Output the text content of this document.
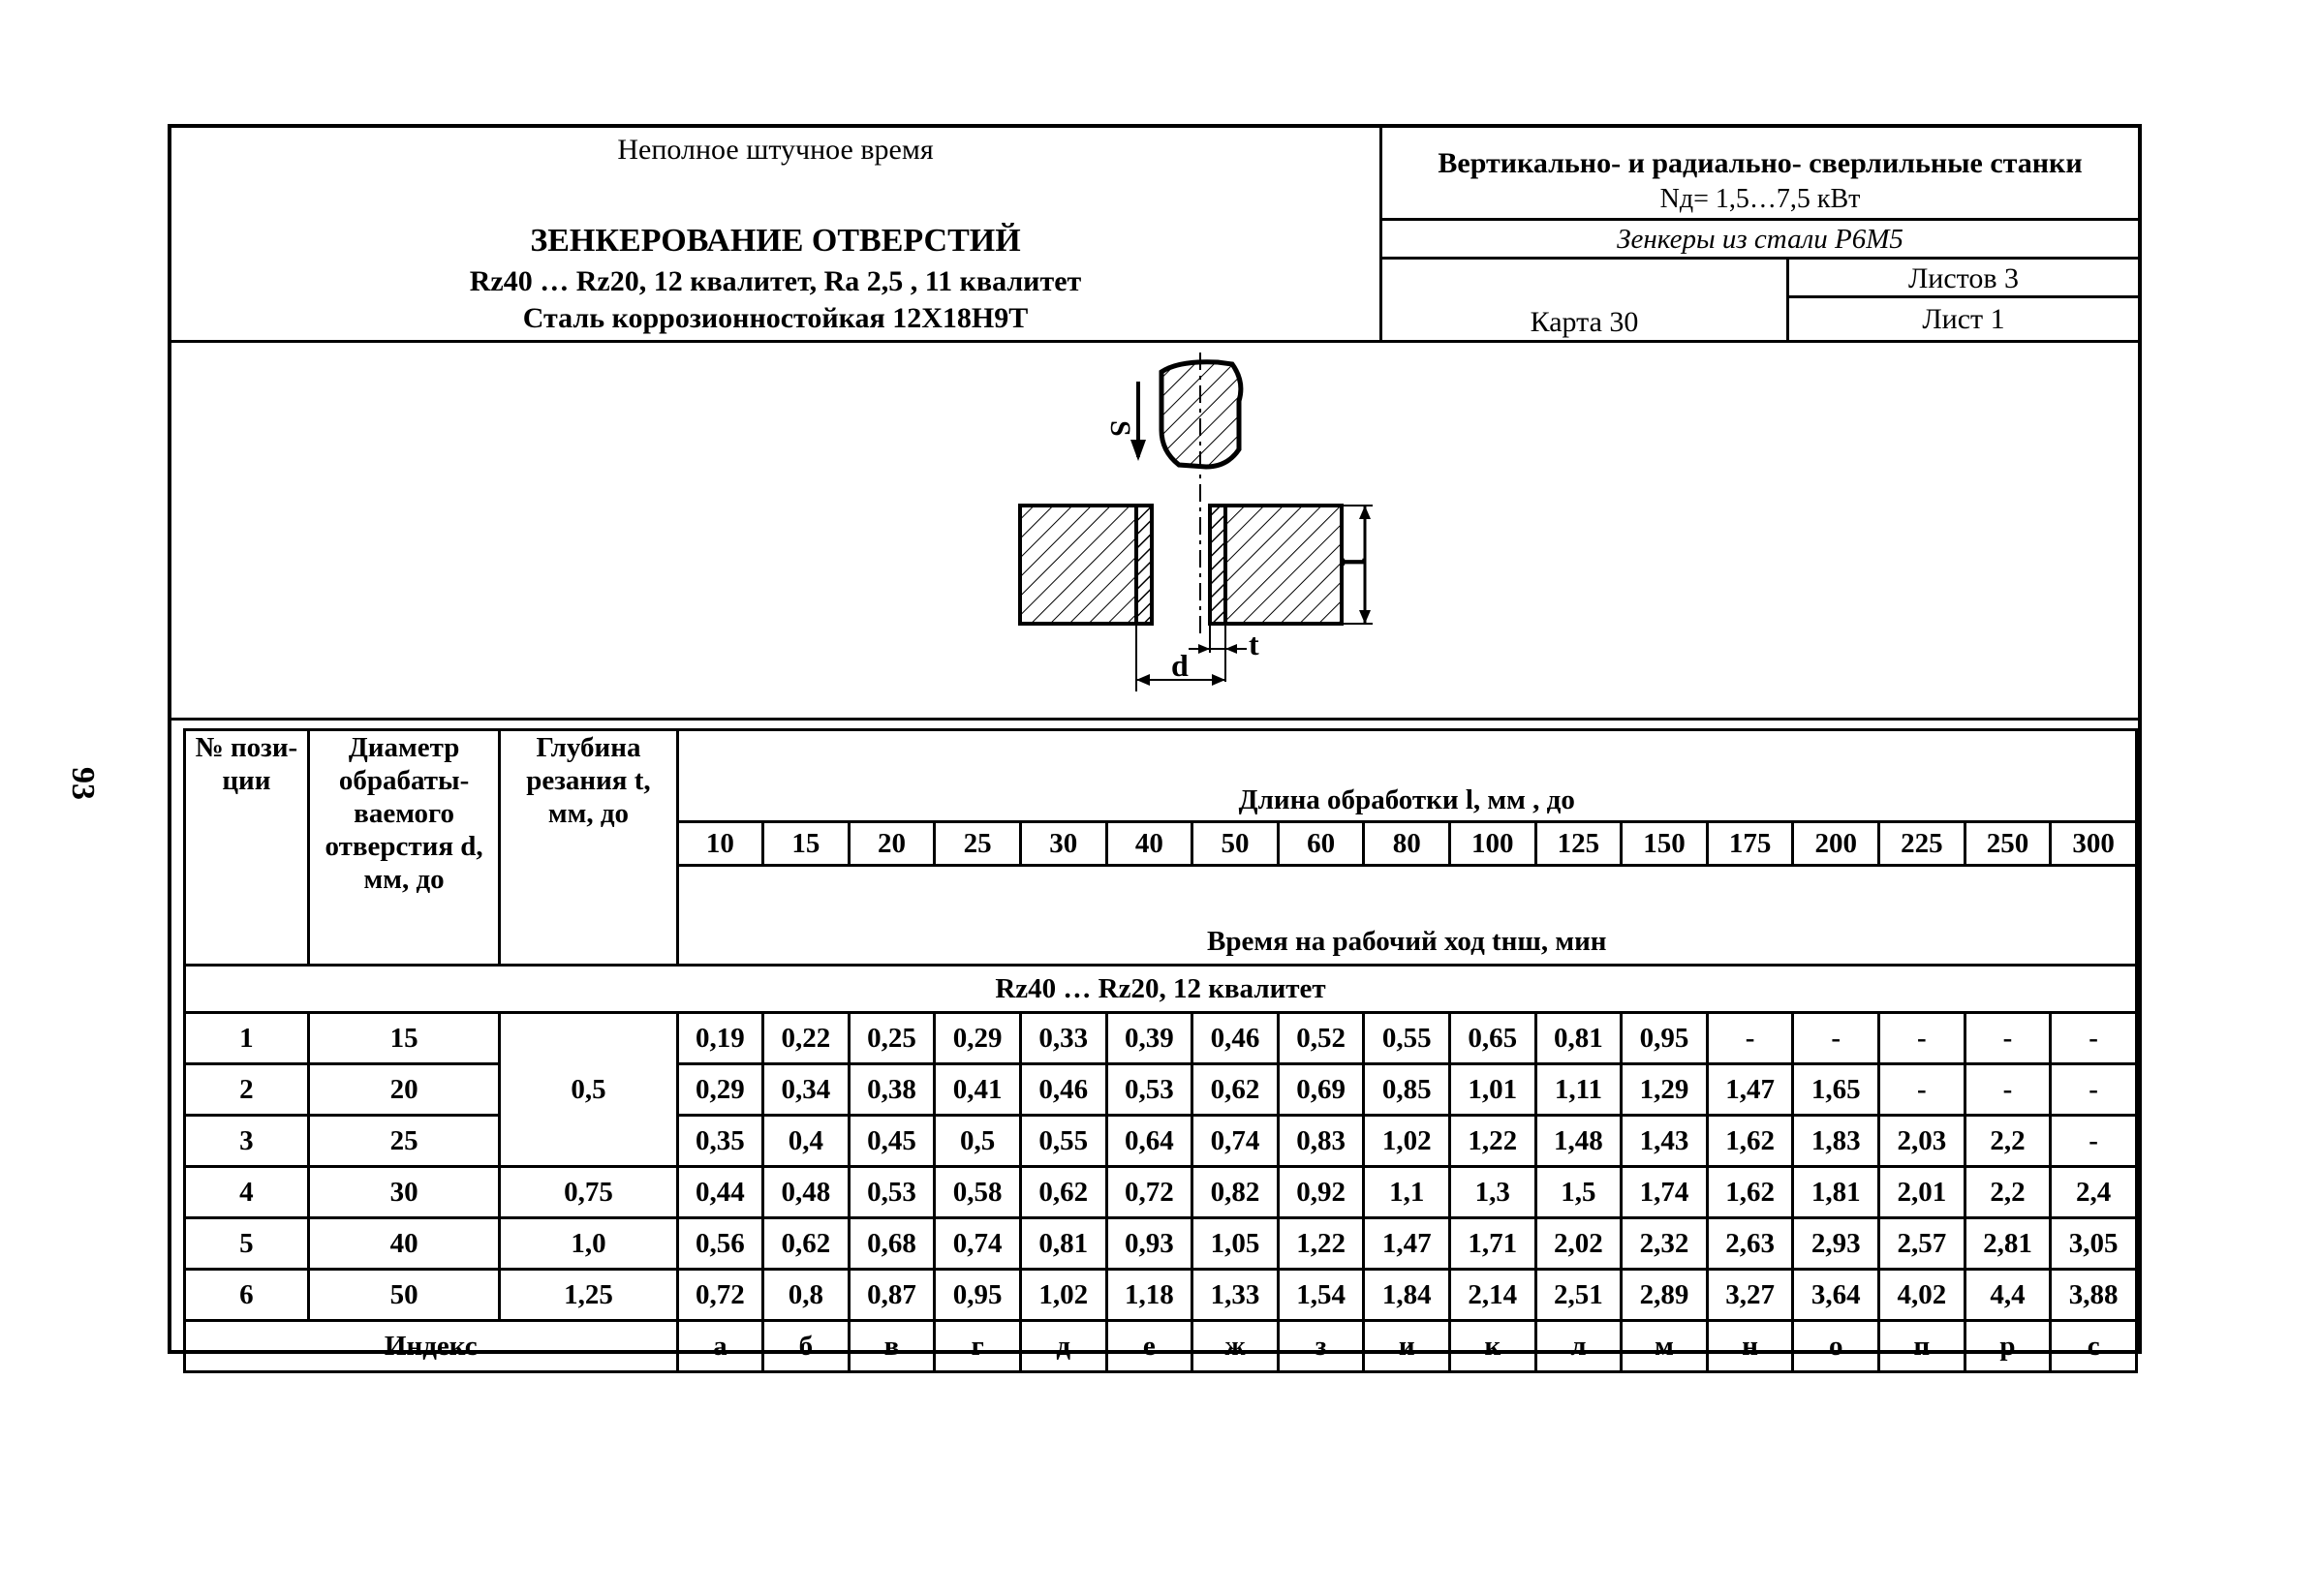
93
Неполное штучное время
ЗЕНКЕРОВАНИЕ ОТВЕРСТИЙ
Rz40 … Rz20, 12 квалитет, Ra 2,5 , 11 квалитет
Сталь коррозионностойкая 12Х18Н9Т
Вертикально- и радиально- сверлильные станки
Nд= 1,5…7,5 кВт
Зенкеры из стали Р6М5
Карта 30
Листов 3
Лист 1
S
l
t
d
№ пози-ции	Диаметр обрабаты-ваемого отверстия d, мм, до	Глубина резания t, мм, до	Длина обработки l, мм , до																
			10	15	20	25	30	40	50	60	80	100	125	150	175	200	225	250	300
			Время на рабочий ход tнш, мин																
Rz40 … Rz20, 12 квалитет																			
1	15	0,5	0,19	0,22	0,25	0,29	0,33	0,39	0,46	0,52	0,55	0,65	0,81	0,95	-	-	-	-	-
2	20		0,29	0,34	0,38	0,41	0,46	0,53	0,62	0,69	0,85	1,01	1,11	1,29	1,47	1,65	-	-	-
3	25		0,35	0,4	0,45	0,5	0,55	0,64	0,74	0,83	1,02	1,22	1,48	1,43	1,62	1,83	2,03	2,2	-
4	30	0,75	0,44	0,48	0,53	0,58	0,62	0,72	0,82	0,92	1,1	1,3	1,5	1,74	1,62	1,81	2,01	2,2	2,4
5	40	1,0	0,56	0,62	0,68	0,74	0,81	0,93	1,05	1,22	1,47	1,71	2,02	2,32	2,63	2,93	2,57	2,81	3,05
6	50	1,25	0,72	0,8	0,87	0,95	1,02	1,18	1,33	1,54	1,84	2,14	2,51	2,89	3,27	3,64	4,02	4,4	3,88
Индекс			а	б	в	г	д	е	ж	з	и	к	л	м	н	о	п	р	с
